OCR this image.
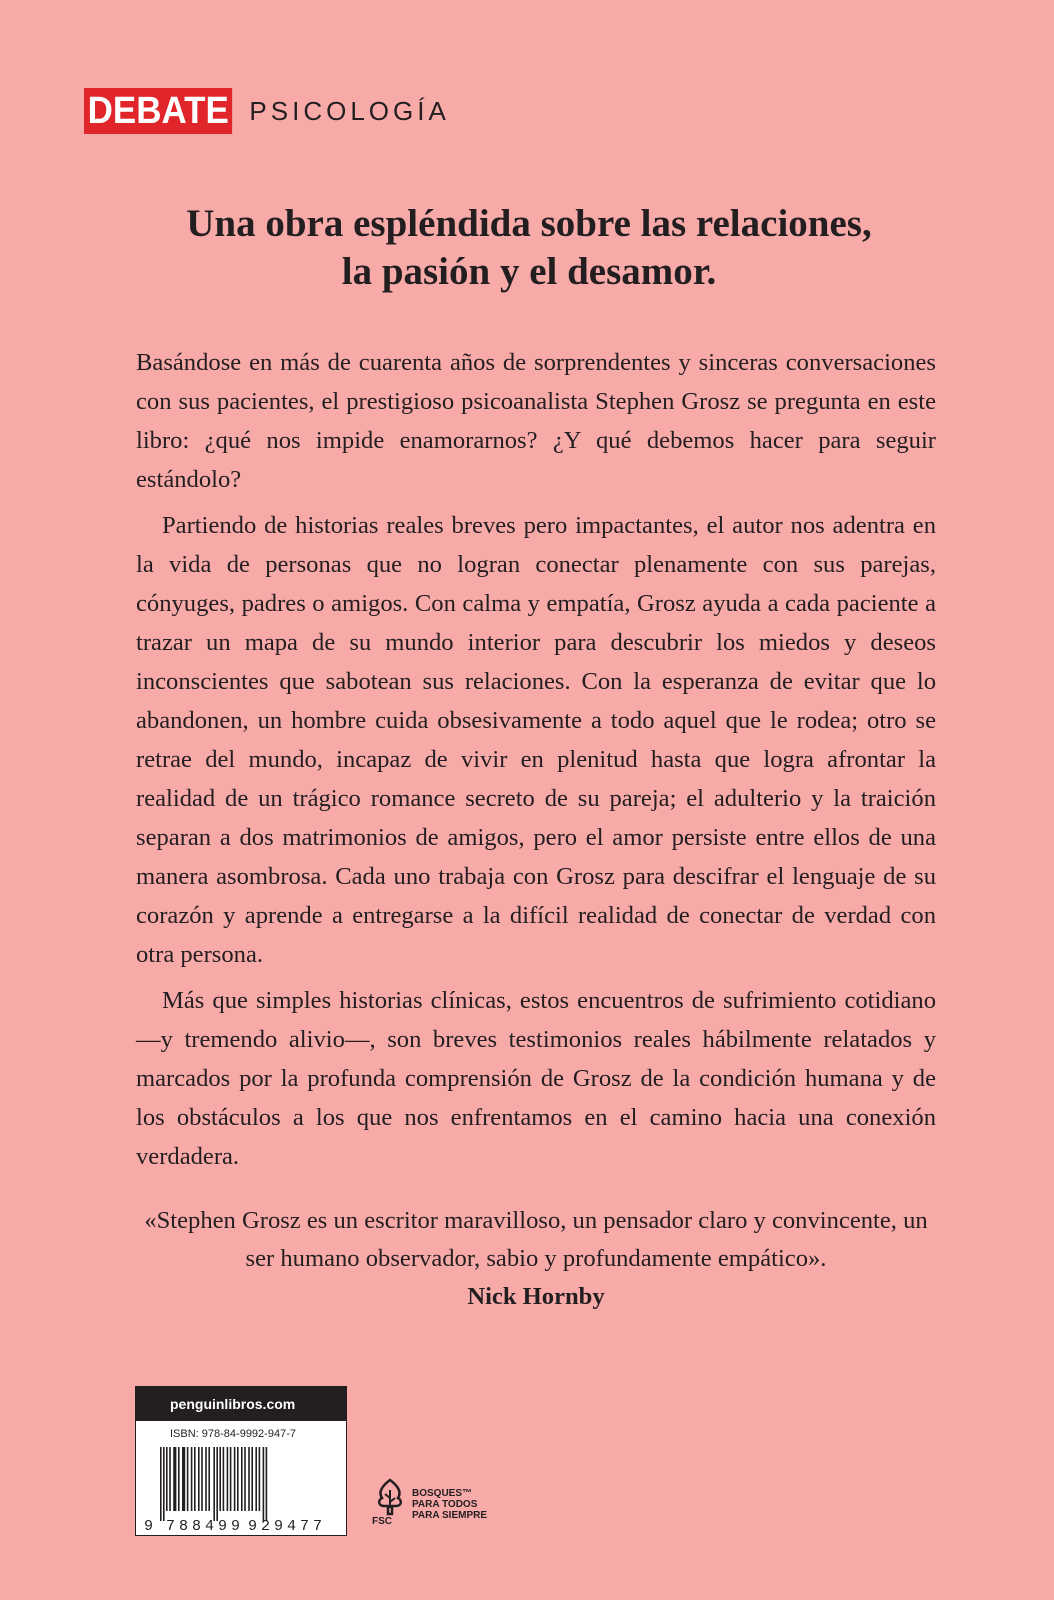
DEBATE PSICOLOGÍA
Una obra espléndida sobre las relaciones,
la pasión y el desamor.

Basándose en más de cuarenta años de sorprendentes y sinceras conversaciones con sus pacientes, el prestigioso psicoanalista Stephen Grosz se pregunta en este libro: ¿qué nos impide enamorarnos? ¿Y qué debemos hacer para seguir estándolo?

Partiendo de historias reales breves pero impactantes, el autor nos adentra en la vida de personas que no logran conectar plenamente con sus parejas, cónyuges, padres o amigos. Con calma y empatía, Grosz ayuda a cada paciente a trazar un mapa de su mundo interior para descubrir los miedos y deseos inconscientes que sabotean sus relaciones. Con la esperanza de evitar que lo abandonen, un hombre cuida obsesivamente a todo aquel que le rodea; otro se retrae del mundo, incapaz de vivir en plenitud hasta que logra afrontar la realidad de un trágico romance secreto de su pareja; el adulterio y la traición separan a dos matrimonios de amigos, pero el amor persiste entre ellos de una manera asombrosa. Cada uno trabaja con Grosz para descifrar el lenguaje de su corazón y aprende a entregarse a la difícil realidad de conectar de verdad con otra persona.

Más que simples historias clínicas, estos encuentros de sufrimiento cotidiano —y tremendo alivio—, son breves testimonios reales hábilmente relatados y marcados por la profunda comprensión de Grosz de la condición humana y de los obstáculos a los que nos enfrentamos en el camino hacia una conexión verdadera.

«Stephen Grosz es un escritor maravilloso, un pensador claro y convincente, un ser humano observador, sabio y profundamente empático».

Nick Hornby

penguinlibros.com
ISBN: 978-84-9992-947-7
9 788499 929477	FSC
BOSQUES™
PARA TODOS
PARA SIEMPRE
